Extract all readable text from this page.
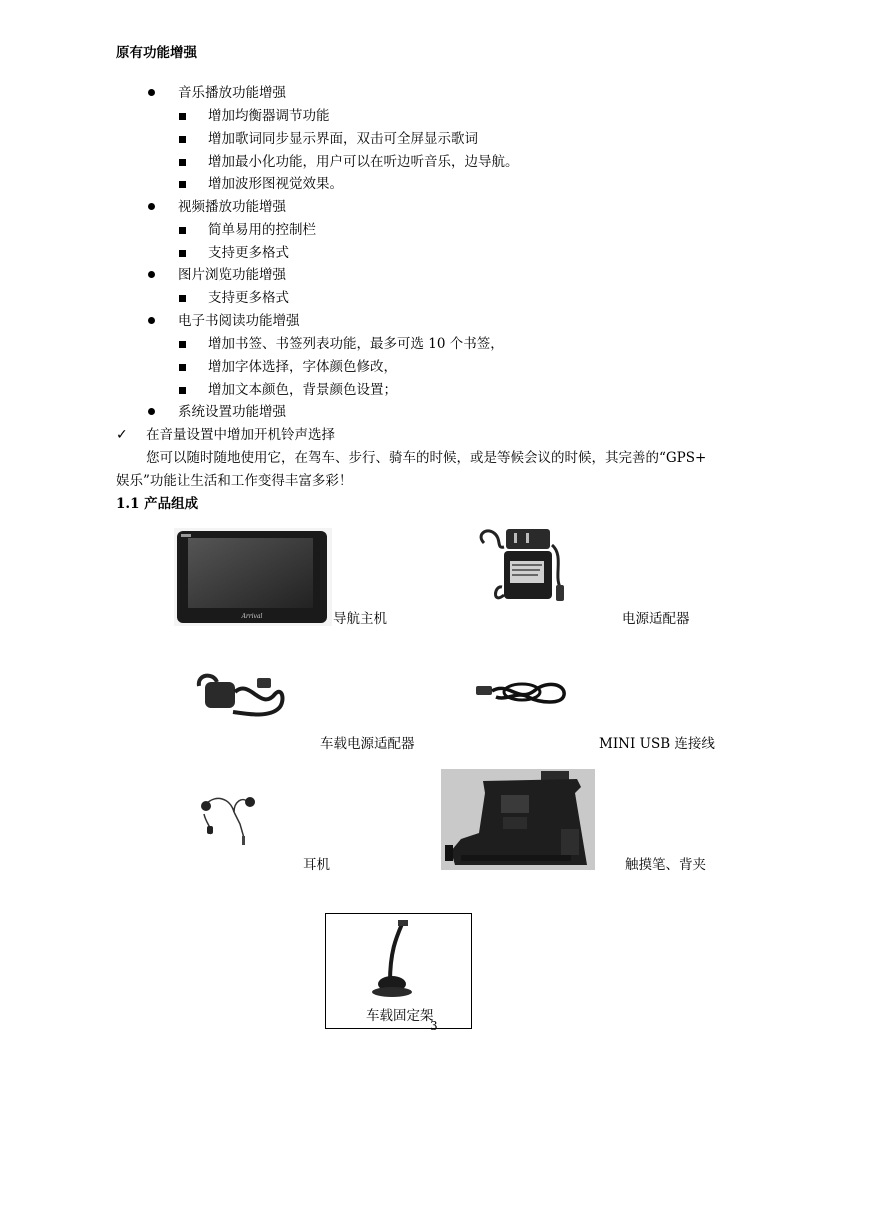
原有功能增强
音乐播放功能增强
增加均衡器调节功能
增加歌词同步显示界面，双击可全屏显示歌词
增加最小化功能，用户可以在听边听音乐，边导航。
增加波形图视觉效果。
视频播放功能增强
简单易用的控制栏
支持更多格式
图片浏览功能增强
支持更多格式
电子书阅读功能增强
增加书签、书签列表功能，最多可选 10 个书签，
增加字体选择，字体颜色修改，
增加文本颜色，背景颜色设置；
系统设置功能增强
✓ 在音量设置中增加开机铃声选择
您可以随时随地使用它，在驾车、步行、骑车的时候，或是等候会议的时候，其完善的“GPS+
娱乐”功能让生活和工作变得丰富多彩！
1.1 产品组成
Arrival	导航主机	电源适配器
车载电源适配器	MINI USB 连接线
耳机	触摸笔、背夹
车载固定架
3
